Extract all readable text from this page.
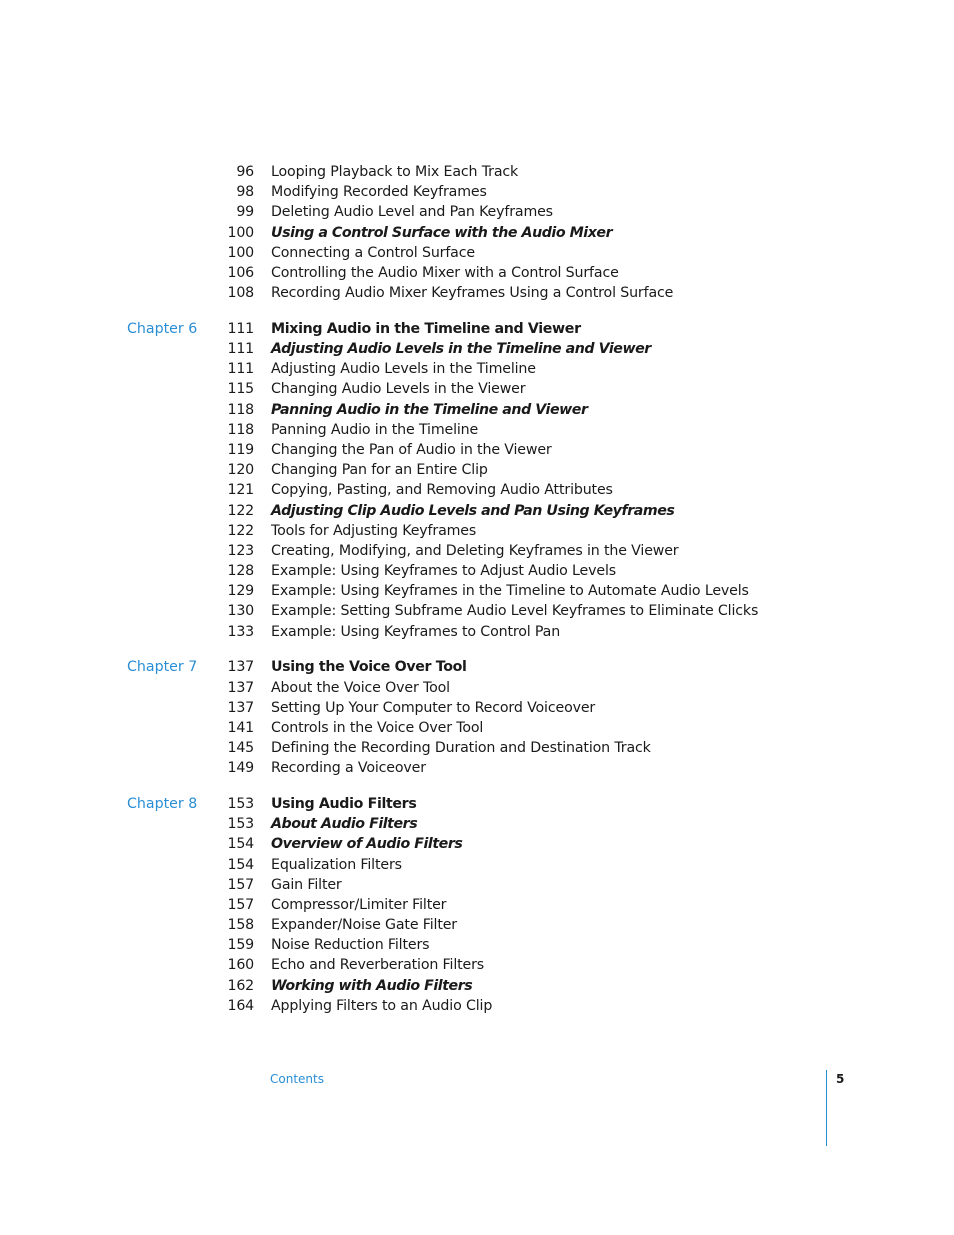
96 Looping Playback to Mix Each Track
98 Modifying Recorded Keyframes
99 Deleting Audio Level and Pan Keyframes
100 Using a Control Surface with the Audio Mixer
100 Connecting a Control Surface
106 Controlling the Audio Mixer with a Control Surface
108 Recording Audio Mixer Keyframes Using a Control Surface
Chapter 6 111 Mixing Audio in the Timeline and Viewer
111 Adjusting Audio Levels in the Timeline and Viewer
111 Adjusting Audio Levels in the Timeline
115 Changing Audio Levels in the Viewer
118 Panning Audio in the Timeline and Viewer
118 Panning Audio in the Timeline
119 Changing the Pan of Audio in the Viewer
120 Changing Pan for an Entire Clip
121 Copying, Pasting, and Removing Audio Attributes
122 Adjusting Clip Audio Levels and Pan Using Keyframes
122 Tools for Adjusting Keyframes
123 Creating, Modifying, and Deleting Keyframes in the Viewer
128 Example: Using Keyframes to Adjust Audio Levels
129 Example: Using Keyframes in the Timeline to Automate Audio Levels
130 Example: Setting Subframe Audio Level Keyframes to Eliminate Clicks
133 Example: Using Keyframes to Control Pan
Chapter 7 137 Using the Voice Over Tool
137 About the Voice Over Tool
137 Setting Up Your Computer to Record Voiceover
141 Controls in the Voice Over Tool
145 Defining the Recording Duration and Destination Track
149 Recording a Voiceover
Chapter 8 153 Using Audio Filters
153 About Audio Filters
154 Overview of Audio Filters
154 Equalization Filters
157 Gain Filter
157 Compressor/Limiter Filter
158 Expander/Noise Gate Filter
159 Noise Reduction Filters
160 Echo and Reverberation Filters
162 Working with Audio Filters
164 Applying Filters to an Audio Clip
Contents	5
